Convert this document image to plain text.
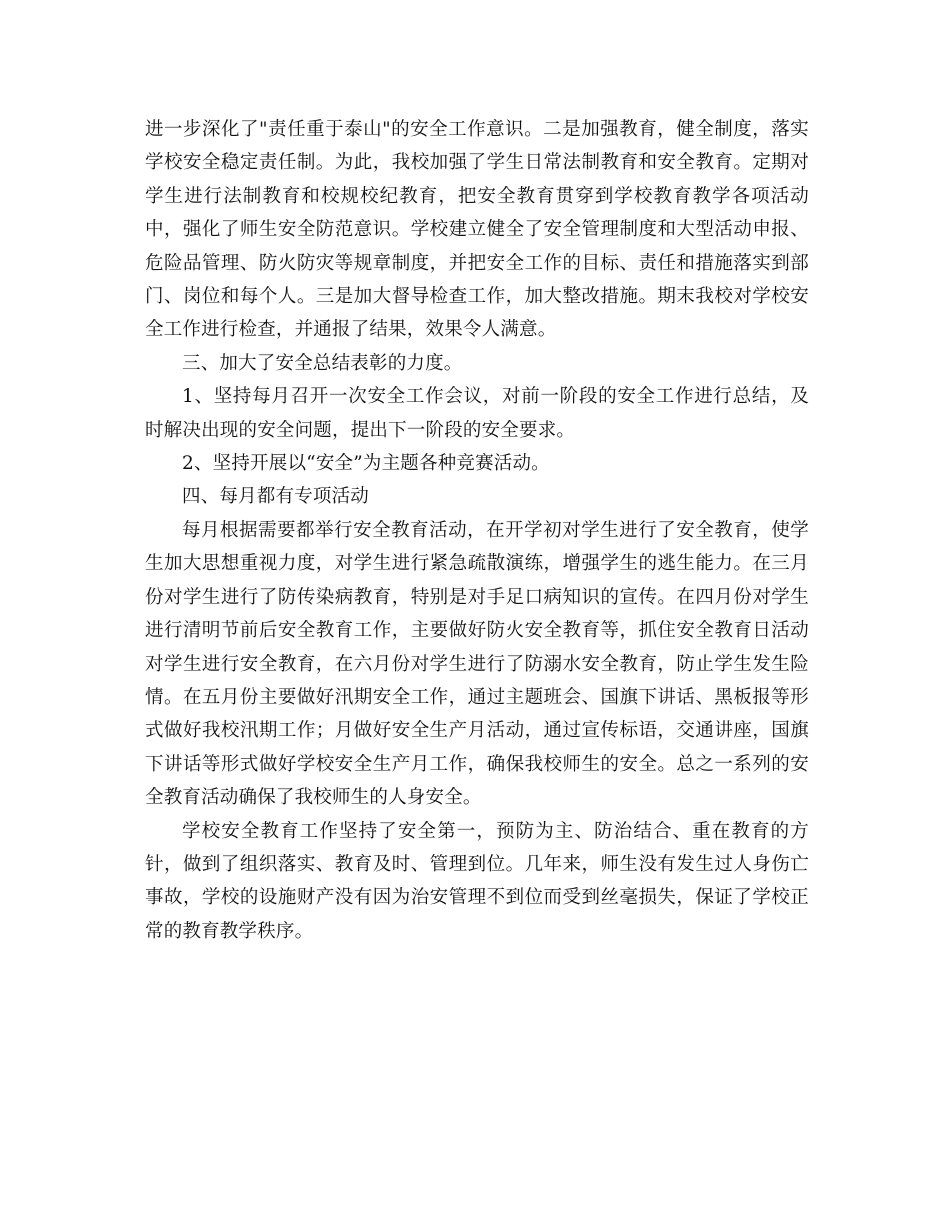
进一步深化了"责任重于泰山"的安全工作意识。二是加强教育，健全制度，落实学校安全稳定责任制。为此，我校加强了学生日常法制教育和安全教育。定期对学生进行法制教育和校规校纪教育，把安全教育贯穿到学校教育教学各项活动中，强化了师生安全防范意识。学校建立健全了安全管理制度和大型活动申报、危险品管理、防火防灾等规章制度，并把安全工作的目标、责任和措施落实到部门、岗位和每个人。三是加大督导检查工作，加大整改措施。期末我校对学校安全工作进行检查，并通报了结果，效果令人满意。

三、加大了安全总结表彰的力度。

1、坚持每月召开一次安全工作会议，对前一阶段的安全工作进行总结，及时解决出现的安全问题，提出下一阶段的安全要求。

2、坚持开展以“安全”为主题各种竞赛活动。

四、每月都有专项活动

每月根据需要都举行安全教育活动，在开学初对学生进行了安全教育，使学生加大思想重视力度，对学生进行紧急疏散演练，增强学生的逃生能力。在三月份对学生进行了防传染病教育，特别是对手足口病知识的宣传。在四月份对学生进行清明节前后安全教育工作，主要做好防火安全教育等，抓住安全教育日活动对学生进行安全教育，在六月份对学生进行了防溺水安全教育，防止学生发生险情。在五月份主要做好汛期安全工作，通过主题班会、国旗下讲话、黑板报等形式做好我校汛期工作；月做好安全生产月活动，通过宣传标语，交通讲座，国旗下讲话等形式做好学校安全生产月工作，确保我校师生的安全。总之一系列的安全教育活动确保了我校师生的人身安全。

学校安全教育工作坚持了安全第一，预防为主、防治结合、重在教育的方针，做到了组织落实、教育及时、管理到位。几年来，师生没有发生过人身伤亡事故，学校的设施财产没有因为治安管理不到位而受到丝毫损失，保证了学校正常的教育教学秩序。
